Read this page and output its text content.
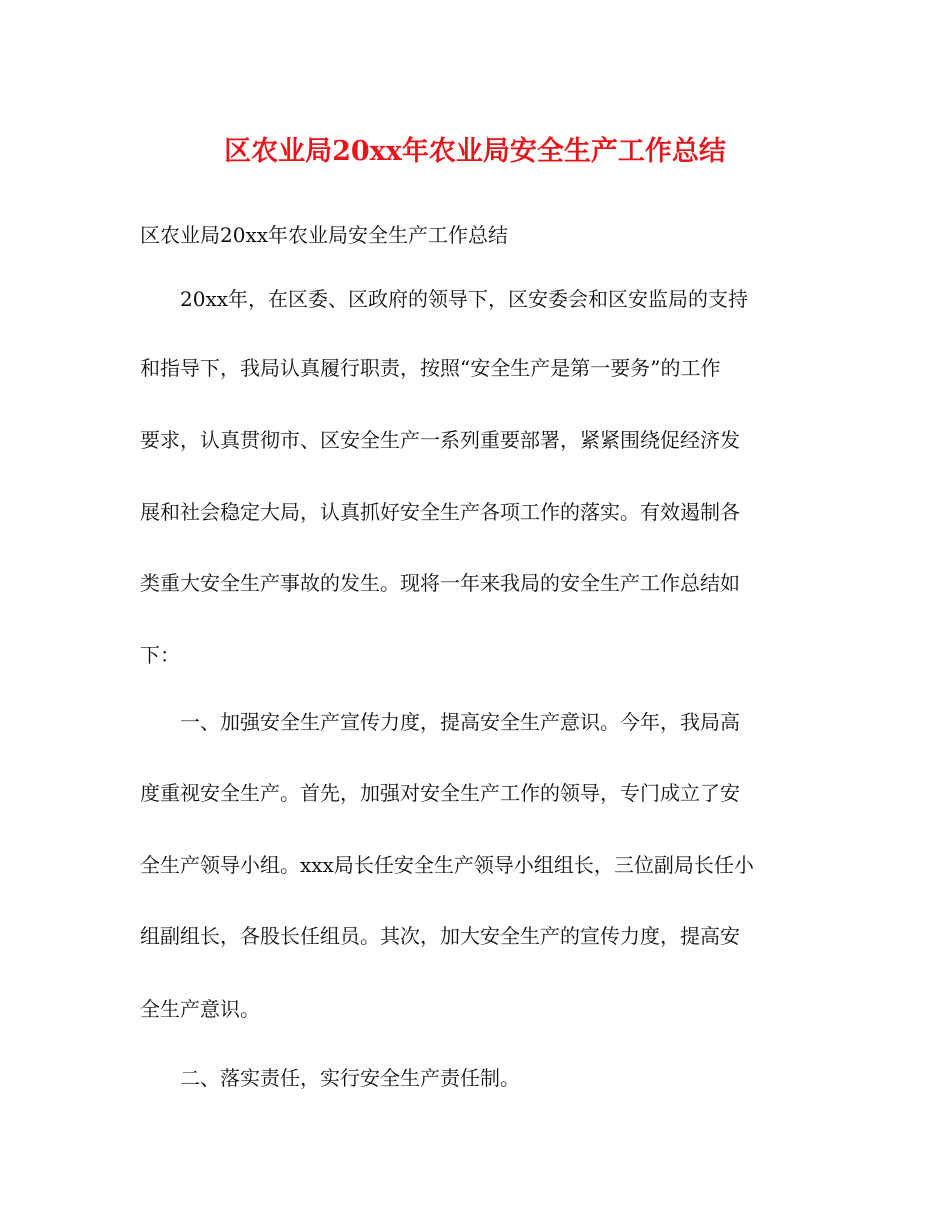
区农业局20xx年农业局安全生产工作总结
区农业局20xx年农业局安全生产工作总结
　　20xx年，在区委、区政府的领导下，区安委会和区安监局的支持
和指导下，我局认真履行职责，按照“安全生产是第一要务”的工作
要求，认真贯彻市、区安全生产一系列重要部署，紧紧围绕促经济发
展和社会稳定大局，认真抓好安全生产各项工作的落实。有效遏制各
类重大安全生产事故的发生。现将一年来我局的安全生产工作总结如
下：
　　一、加强安全生产宣传力度，提高安全生产意识。今年，我局高
度重视安全生产。首先，加强对安全生产工作的领导，专门成立了安
全生产领导小组。xxx局长任安全生产领导小组组长，三位副局长任小
组副组长，各股长任组员。其次，加大安全生产的宣传力度，提高安
全生产意识。
　　二、落实责任，实行安全生产责任制。
